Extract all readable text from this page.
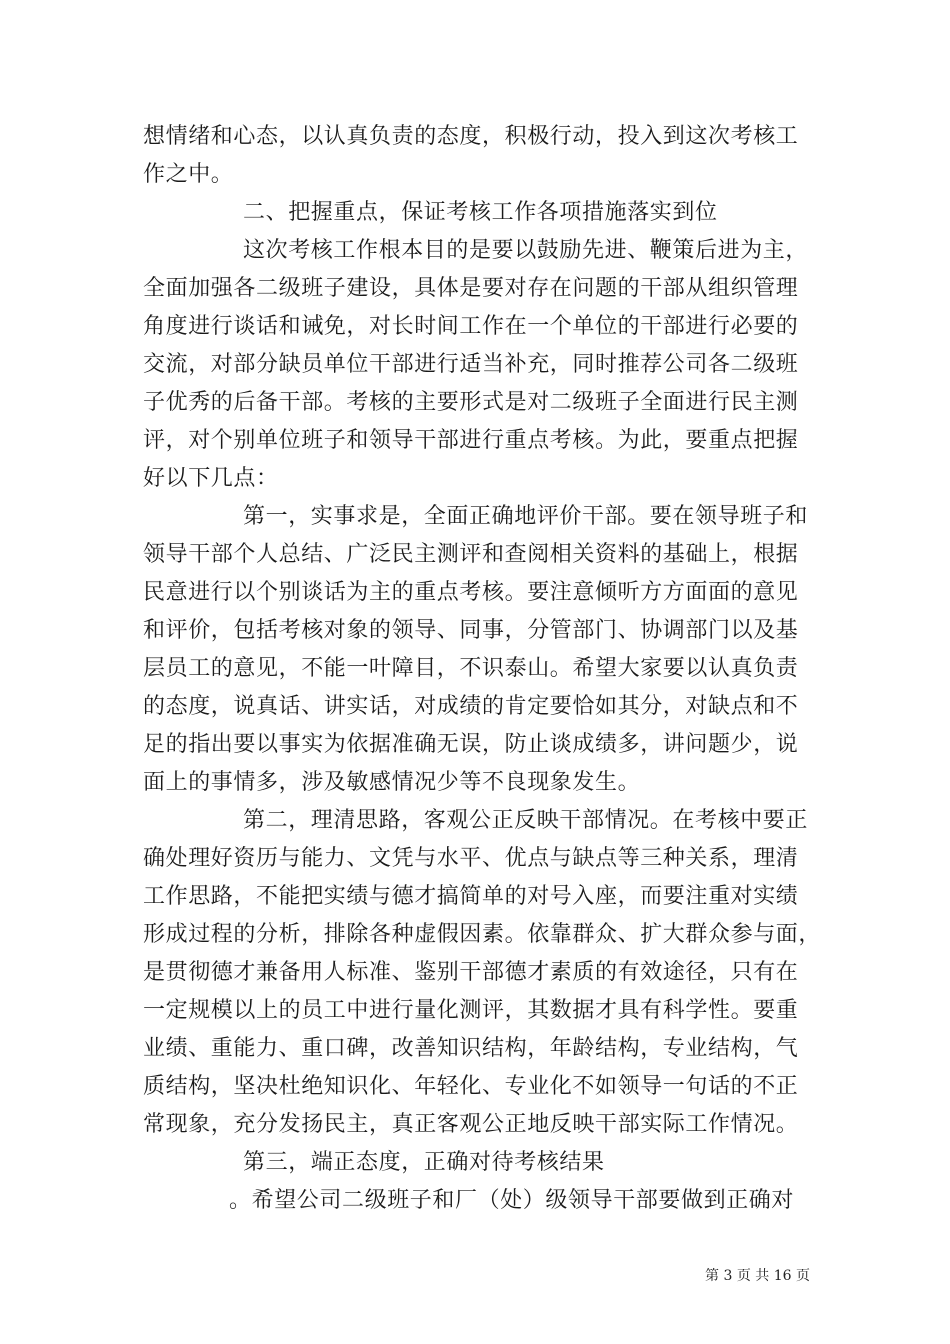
想情绪和心态，以认真负责的态度，积极行动，投入到这次考核工
作之中。
二、把握重点，保证考核工作各项措施落实到位
这次考核工作根本目的是要以鼓励先进、鞭策后进为主，
全面加强各二级班子建设，具体是要对存在问题的干部从组织管理
角度进行谈话和诫免，对长时间工作在一个单位的干部进行必要的
交流，对部分缺员单位干部进行适当补充，同时推荐公司各二级班
子优秀的后备干部。考核的主要形式是对二级班子全面进行民主测
评，对个别单位班子和领导干部进行重点考核。为此，要重点把握
好以下几点：
第一，实事求是，全面正确地评价干部。要在领导班子和
领导干部个人总结、广泛民主测评和查阅相关资料的基础上，根据
民意进行以个别谈话为主的重点考核。要注意倾听方方面面的意见
和评价，包括考核对象的领导、同事，分管部门、协调部门以及基
层员工的意见，不能一叶障目，不识泰山。希望大家要以认真负责
的态度，说真话、讲实话，对成绩的肯定要恰如其分，对缺点和不
足的指出要以事实为依据准确无误，防止谈成绩多，讲问题少，说
面上的事情多，涉及敏感情况少等不良现象发生。
第二，理清思路，客观公正反映干部情况。在考核中要正
确处理好资历与能力、文凭与水平、优点与缺点等三种关系，理清
工作思路，不能把实绩与德才搞简单的对号入座，而要注重对实绩
形成过程的分析，排除各种虚假因素。依靠群众、扩大群众参与面，
是贯彻德才兼备用人标准、鉴别干部德才素质的有效途径，只有在
一定规模以上的员工中进行量化测评，其数据才具有科学性。要重
业绩、重能力、重口碑，改善知识结构，年龄结构，专业结构，气
质结构，坚决杜绝知识化、年轻化、专业化不如领导一句话的不正
常现象，充分发扬民主，真正客观公正地反映干部实际工作情况。
第三，端正态度，正确对待考核结果
。希望公司二级班子和厂（处）级领导干部要做到正确对
第 3 页 共 16 页
